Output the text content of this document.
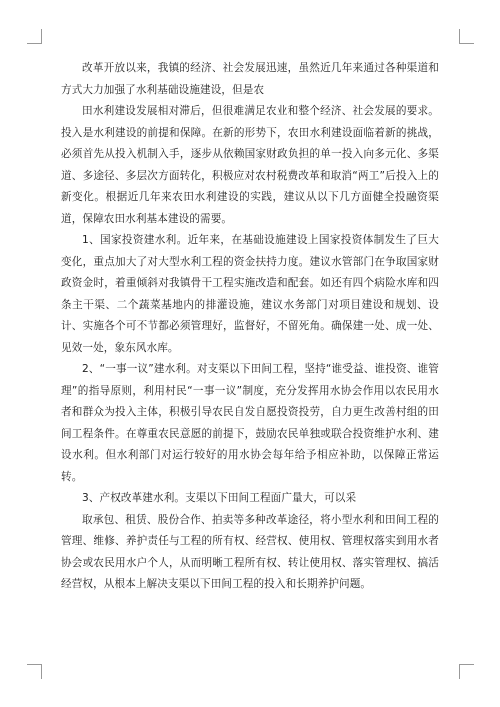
改革开放以来，我镇的经济、社会发展迅速，虽然近几年来通过各种渠道和方式大力加强了水利基础设施建设，但是农

田水利建设发展相对滞后，但很难满足农业和整个经济、社会发展的要求。投入是水利建设的前提和保障。在新的形势下，农田水利建设面临着新的挑战，必须首先从投入机制入手，逐步从依赖国家财政负担的单一投入向多元化、多渠道、多途径、多层次方面转化，积极应对农村税费改革和取消“两工”后投入上的新变化。根据近几年来农田水利建设的实践，建议从以下几方面健全投融资渠道，保障农田水利基本建设的需要。

1、国家投资建水利。近年来，在基础设施建设上国家投资体制发生了巨大变化，重点加大了对大型水利工程的资金扶持力度。建议水管部门在争取国家财政资金时，着重倾斜对我镇骨干工程实施改造和配套。如还有四个病险水库和四条主干渠、二个蔬菜基地内的排灌设施，建议水务部门对项目建设和规划、设计、实施各个可不节都必须管理好，监督好，不留死角。确保建一处、成一处、见效一处，象东风水库。

2、“一事一议”建水利。对支渠以下田间工程，坚持“谁受益、谁投资、谁管理”的指导原则，利用村民“一事一议”制度，充分发挥用水协会作用以农民用水者和群众为投入主体，积极引导农民自发自愿投资投劳，自力更生改善村组的田间工程条件。在尊重农民意愿的前提下，鼓励农民单独或联合投资维护水利、建设水利。但水利部门对运行较好的用水协会每年给予相应补助，以保障正常运转。

3、产权改革建水利。支渠以下田间工程面广量大，可以采

取承包、租赁、股份合作、拍卖等多种改革途径，将小型水利和田间工程的管理、维修、养护责任与工程的所有权、经营权、使用权、管理权落实到用水者协会或农民用水户个人，从而明晰工程所有权、转让使用权、落实管理权、搞活经营权，从根本上解决支渠以下田间工程的投入和长期养护问题。
